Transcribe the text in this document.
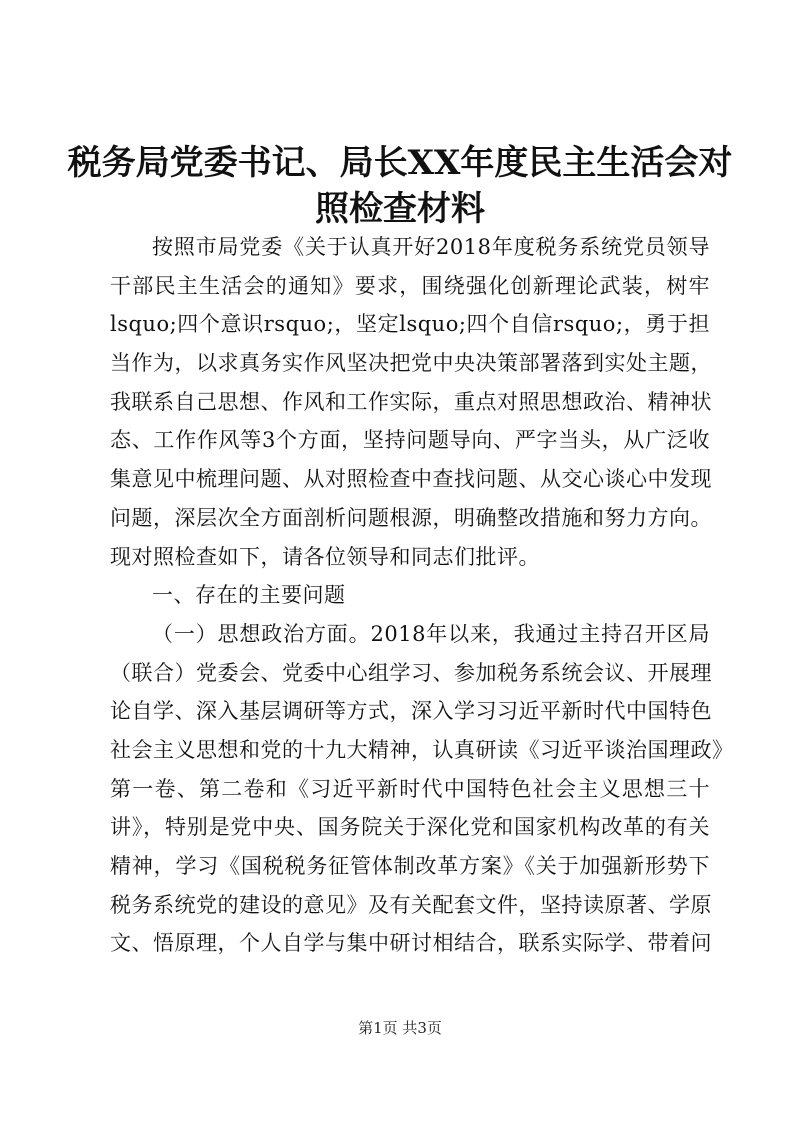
税务局党委书记、局长XX年度民主生活会对
照检查材料
按照市局党委《关于认真开好2018年度税务系统党员领导
干部民主生活会的通知》要求，围绕强化创新理论武装，树牢
lsquo;四个意识rsquo;，坚定lsquo;四个自信rsquo;，勇于担
当作为，以求真务实作风坚决把党中央决策部署落到实处主题，
我联系自己思想、作风和工作实际，重点对照思想政治、精神状
态、工作作风等3个方面，坚持问题导向、严字当头，从广泛收
集意见中梳理问题、从对照检查中查找问题、从交心谈心中发现
问题，深层次全方面剖析问题根源，明确整改措施和努力方向。
现对照检查如下，请各位领导和同志们批评。
一、存在的主要问题
（一）思想政治方面。2018年以来，我通过主持召开区局
（联合）党委会、党委中心组学习、参加税务系统会议、开展理
论自学、深入基层调研等方式，深入学习习近平新时代中国特色
社会主义思想和党的十九大精神，认真研读《习近平谈治国理政》
第一卷、第二卷和《习近平新时代中国特色社会主义思想三十
讲》，特别是党中央、国务院关于深化党和国家机构改革的有关
精神，学习《国税税务征管体制改革方案》《关于加强新形势下
税务系统党的建设的意见》及有关配套文件，坚持读原著、学原
文、悟原理，个人自学与集中研讨相结合，联系实际学、带着问
第1页 共3页
